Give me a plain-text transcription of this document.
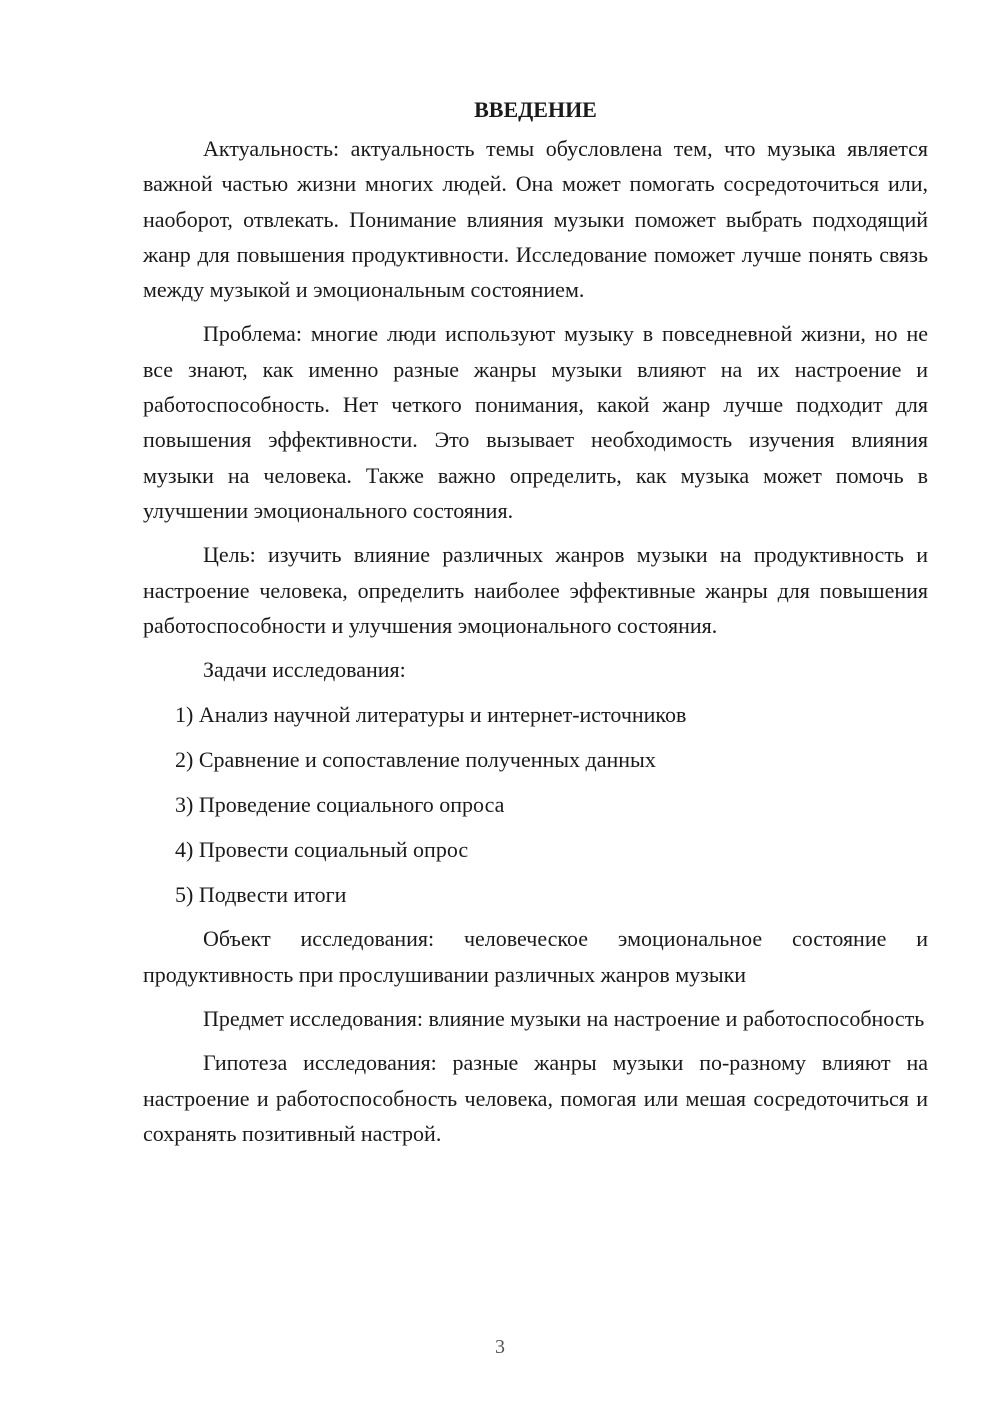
ВВЕДЕНИЕ

Актуальность: актуальность темы обусловлена тем, что музыка является важной частью жизни многих людей. Она может помогать сосредоточиться или, наоборот, отвлекать. Понимание влияния музыки поможет выбрать подходящий жанр для повышения продуктивности. Исследование поможет лучше понять связь между музыкой и эмоциональным состоянием.

Проблема: многие люди используют музыку в повседневной жизни, но не все знают, как именно разные жанры музыки влияют на их настроение и работоспособность. Нет четкого понимания, какой жанр лучше подходит для повышения эффективности. Это вызывает необходимость изучения влияния музыки на человека. Также важно определить, как музыка может помочь в улучшении эмоционального состояния.

Цель: изучить влияние различных жанров музыки на продуктивность и настроение человека, определить наиболее эффективные жанры для повышения работоспособности и улучшения эмоционального состояния.

Задачи исследования:

1) Анализ научной литературы и интернет-источников
2) Сравнение и сопоставление полученных данных
3) Проведение социального опроса
4) Провести социальный опрос
5) Подвести итоги

Объект исследования: человеческое эмоциональное состояние и продуктивность при прослушивании различных жанров музыки

Предмет исследования: влияние музыки на настроение и работоспособность

Гипотеза исследования: разные жанры музыки по-разному влияют на настроение и работоспособность человека, помогая или мешая сосредоточиться и сохранять позитивный настрой.

3
